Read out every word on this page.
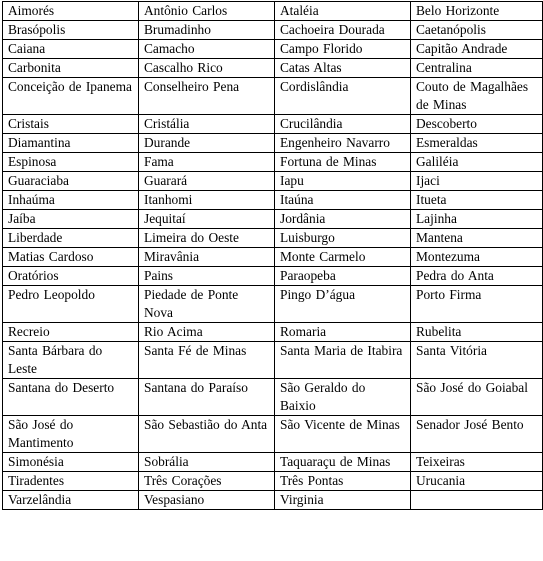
Aimorés	Antônio Carlos	Ataléia	Belo Horizonte
Brasópolis	Brumadinho	Cachoeira Dourada	Caetanópolis
Caiana	Camacho	Campo Florido	Capitão Andrade
Carbonita	Cascalho Rico	Catas Altas	Centralina
Conceição de Ipanema	Conselheiro Pena	Cordislândia	Couto de Magalhães de Minas
Cristais	Cristália	Crucilândia	Descoberto
Diamantina	Durande	Engenheiro Navarro	Esmeraldas
Espinosa	Fama	Fortuna de Minas	Galiléia
Guaraciaba	Guarará	Iapu	Ijaci
Inhaúma	Itanhomi	Itaúna	Itueta
Jaíba	Jequitaí	Jordânia	Lajinha
Liberdade	Limeira do Oeste	Luisburgo	Mantena
Matias Cardoso	Miravânia	Monte Carmelo	Montezuma
Oratórios	Pains	Paraopeba	Pedra do Anta
Pedro Leopoldo	Piedade de Ponte Nova	Pingo D’água	Porto Firma
Recreio	Rio Acima	Romaria	Rubelita
Santa Bárbara do Leste	Santa Fé de Minas	Santa Maria de Itabira	Santa Vitória
Santana do Deserto	Santana do Paraíso	São Geraldo do Baixio	São José do Goiabal
São José do Mantimento	São Sebastião do Anta	São Vicente de Minas	Senador José Bento
Simonésia	Sobrália	Taquaraçu de Minas	Teixeiras
Tiradentes	Três Corações	Três Pontas	Urucania
Varzelândia	Vespasiano	Virginia	
